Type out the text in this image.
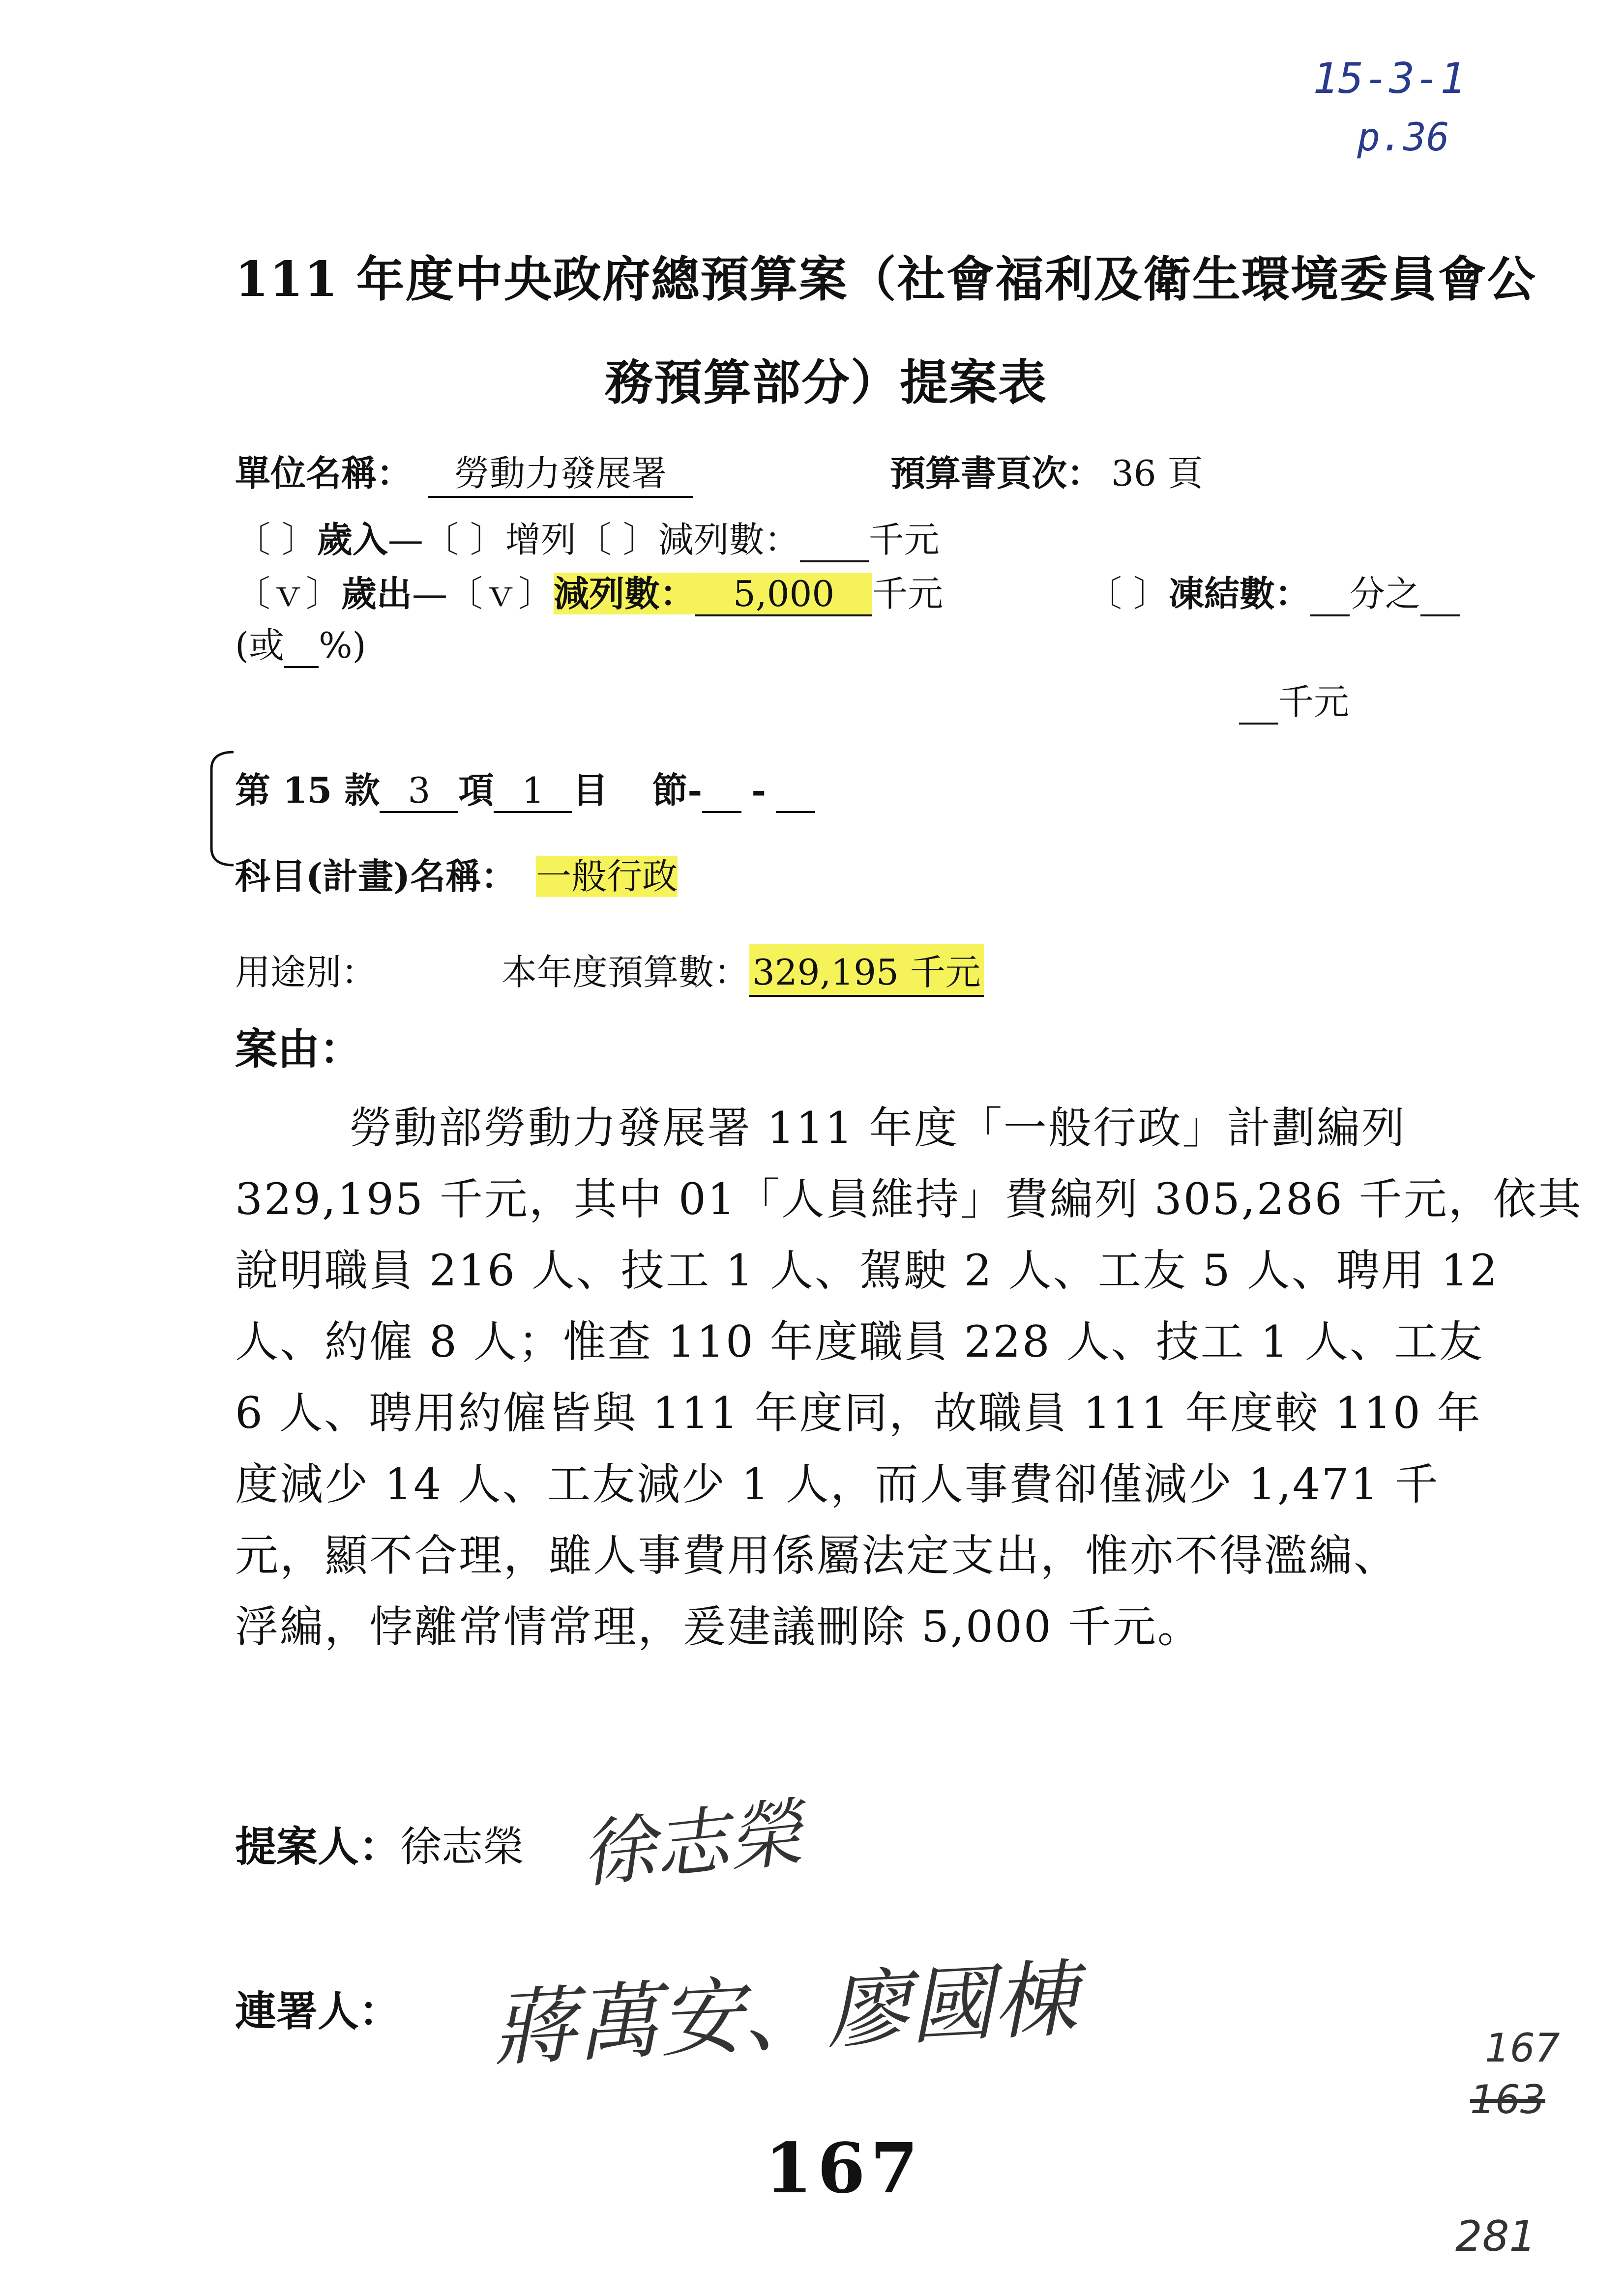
15-3-1
p.36
111 年度中央政府總預算案（社會福利及衛生環境委員會公
務預算部分）提案表
單位名稱：	勞動力發展署	預算書頁次： 36 頁
〔 〕歲入—〔 〕增列〔 〕減列數： 千元
〔ｖ〕歲出—〔ｖ〕減列數： 5,000 千元	〔 〕凍結數： 分之
(或 %)
千元
第 15 款 3 項 1 目 節- -
科目(計畫)名稱： 一般行政
用途別：	本年度預算數：329,195 千元
案由：
勞動部勞動力發展署 111 年度「一般行政」計劃編列
329,195 千元，其中 01「人員維持」費編列 305,286 千元，依其
說明職員 216 人、技工 1 人、駕駛 2 人、工友 5 人、聘用 12
人、約僱 8 人；惟查 110 年度職員 228 人、技工 1 人、工友
6 人、聘用約僱皆與 111 年度同，故職員 111 年度較 110 年
度減少 14 人、工友減少 1 人，而人事費卻僅減少 1,471 千
元，顯不合理，雖人事費用係屬法定支出，惟亦不得濫編、
浮編，悖離常情常理，爰建議刪除 5,000 千元。
提案人：徐志榮 徐志榮
連署人： 蔣萬安、廖國棟	167
163
281
167
